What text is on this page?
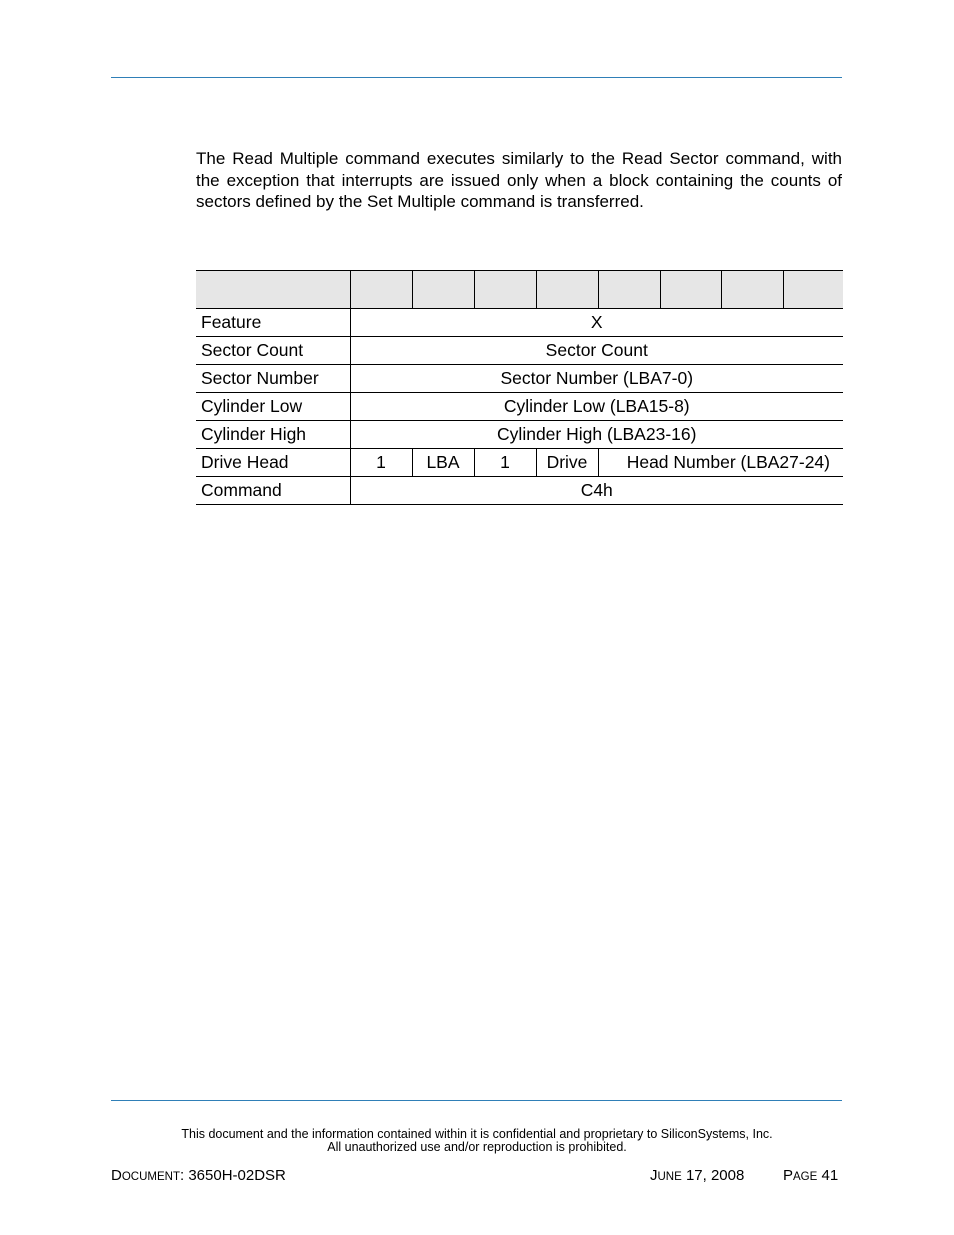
The Read Multiple command executes similarly to the Read Sector command, with the exception that interrupts are issued only when a block containing the counts of sectors defined by the Set Multiple command is transferred.

Feature	X							
Sector Count	Sector Count							
Sector Number	Sector Number (LBA7-0)							
Cylinder Low	Cylinder Low (LBA15-8)							
Cylinder High	Cylinder High (LBA23-16)							
Drive Head	1	LBA	1	Drive	Head Number (LBA27-24)			
Command	C4h							
This document and the information contained within it is confidential and proprietary to SiliconSystems, Inc.
All unauthorized use and/or reproduction is prohibited.
DOCUMENT: 3650H-02DSR	JUNE 17, 2008	PAGE 41
